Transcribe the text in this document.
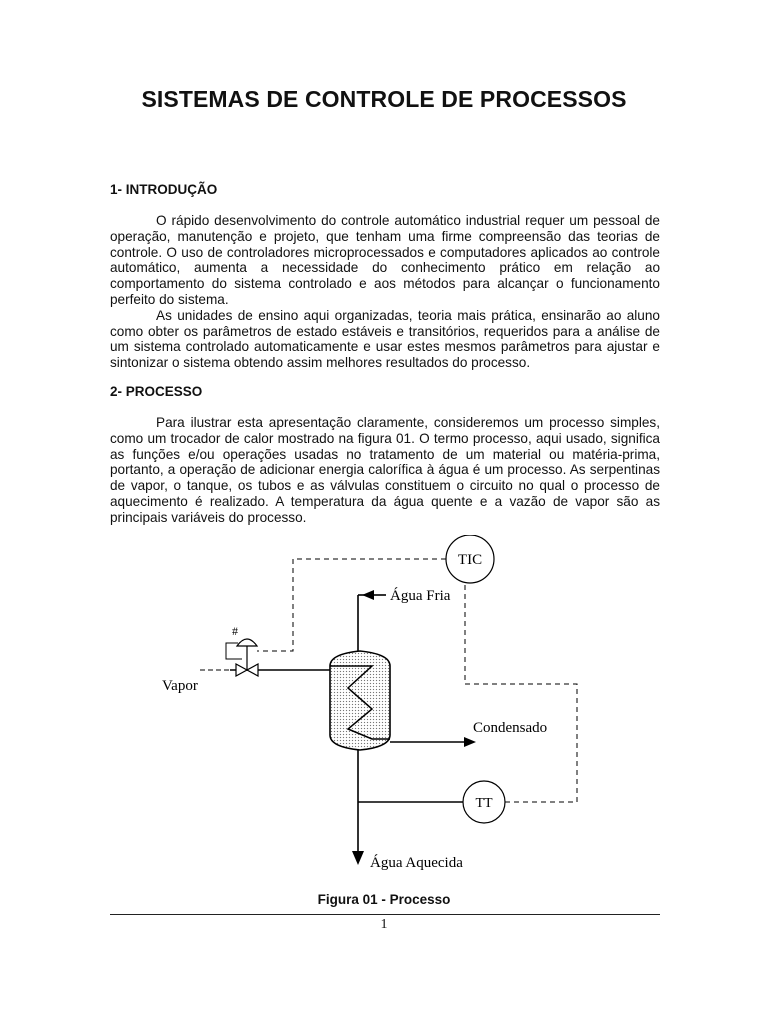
SISTEMAS DE CONTROLE DE PROCESSOS
1- INTRODUÇÃO

O rápido desenvolvimento do controle automático industrial requer um pessoal de operação, manutenção e projeto, que tenham uma firme compreensão das teorias de controle. O uso de controladores microprocessados e computadores aplicados ao controle automático, aumenta a necessidade do conhecimento prático em relação ao comportamento do sistema controlado e aos métodos para alcançar o funcionamento perfeito do sistema.

As unidades de ensino aqui organizadas, teoria mais prática, ensinarão ao aluno como obter os parâmetros de estado estáveis e transitórios, requeridos para a análise de um sistema controlado automaticamente e usar estes mesmos parâmetros para ajustar e sintonizar o sistema obtendo assim melhores resultados do processo.

2- PROCESSO

Para ilustrar esta apresentação claramente, consideremos um processo simples, como um trocador de calor mostrado na figura 01. O termo processo, aqui usado, significa as funções e/ou operações usadas no tratamento de um material ou matéria-prima, portanto, a operação de adicionar energia calorífica à água é um processo. As serpentinas de vapor, o tanque, os tubos e as válvulas constituem o circuito no qual o processo de aquecimento é realizado. A temperatura da água quente e a vazão de vapor são as principais variáveis do processo.

Água Fria
#
Vapor
Condensado
Água Aquecida
TT
TIC
Figura 01 - Processo
1
